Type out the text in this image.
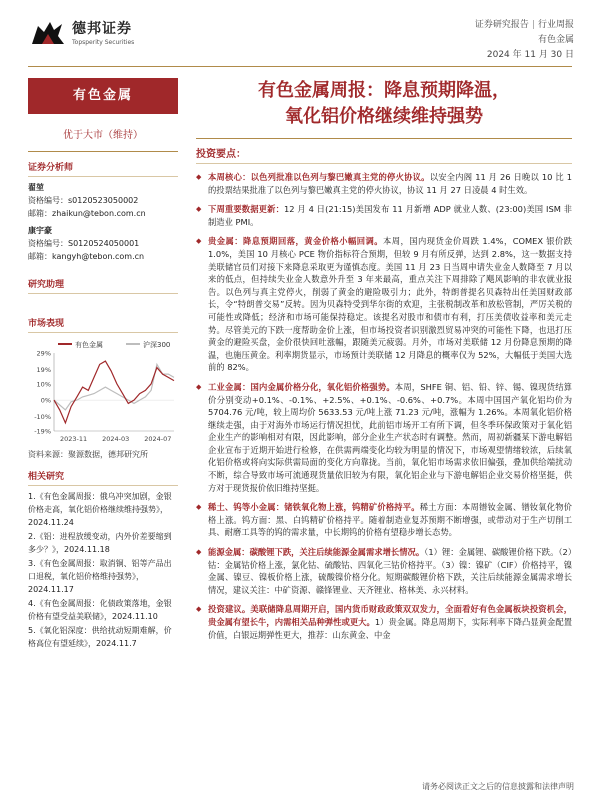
德邦证券
Topsperity Securities
证券研究报告 | 行业周报
有色金属
2024 年 11 月 30 日
有色金属
优于大市（维持）
证券分析师
翟堃
资格编号：s0120523050002
邮箱：zhaikun@tebon.com.cn
康宇豪
资格编号：S0120524050001
邮箱：kangyh@tebon.com.cn
研究助理
市场表现
有色金属	沪深300
29%
19%
10%
0%
-10%
-19%
2023-11 2024-03 2024-07
资料来源：聚源数据，德邦研究所
相关研究
1.《有色金属周报：俄乌冲突加剧，金银价格走高，氧化铝价格继续维持强势》，2024.11.24
2.《铝：进程放缓变动，内外价差要缩到多少？》，2024.11.18
3.《有色金属周报：取消铜、铝等产品出口退税，氧化铝价格维持强势》，2024.11.17
4.《有色金属周报：化债政策落地，金银价格有望受益美联储》，2024.11.10
5.《氧化铝深度：供给扰动短期难解，价格高位有望延续》，2024.11.7
有色金属周报：降息预期降温，
氧化铝价格继续维持强势
投资要点：
◆ 本周核心：以色列批准以色列与黎巴嫩真主党的停火协议。以安全内阁 11 月 26 日晚以 10 比 1 的投票结果批准了以色列与黎巴嫩真主党的停火协议，协议 11 月 27 日凌晨 4 时生效。
◆ 下周重要数据更新：12 月 4 日(21:15)美国发布 11 月新增 ADP 就业人数、(23:00)美国 ISM 非制造业 PMI。
◆ 贵金属：降息预期回落，黄金价格小幅回调。本周，国内现货金价周跌 1.4%，COMEX 银价跌 1.0%，美国 10 月核心 PCE 物价指标符合预期，但较 9 月有所反弹，达到 2.8%，这一数据支持美联储官员们对接下来降息采取更为谨慎态度。美国 11 月 23 日当周申请失业金人数降至 7 月以来的低点，但持续失业金人数意外升至 3 年来最高，重点关注下周排除了飓风影响的非农就业报告。以色列与真主党停火，削弱了黄金的避险吸引力；此外，特朗普提名贝森特出任美国财政部长，令“特朗普交易”反转。因为贝森特受到华尔街的欢迎，主张税制改革和放松管制，严厉关税的可能性或降低；经济和市场可能保持稳定。该提名对股市和债市有利，打压美债收益率和美元走势。尽管美元的下跌一度帮助金价上涨，但市场投资者识别激烈贸易冲突的可能性下降，也迅打压黄金的避险买盘，金价很快回吐涨幅，跟随美元疲弱。月外，市场对美联储 12 月份降息预期的降温，也施压黄金。利率期货显示，市场预计美联储 12 月降息的概率仅为 52%，大幅低于美国大选前的 82%。
◆ 工业金属：国内金属价格分化，氧化铝价格强势。本周，SHFE 铜、铝、铅、锌、锡、镍现货结算价分别变动+0.1%、-0.1%、+2.5%、+0.1%、-0.6%、+0.7%。本周中国国产氧化铝均价为 5704.76 元/吨，较上周均价 5633.53 元/吨上涨 71.23 元/吨，涨幅为 1.26%。本周氧化铝价格继续走强，由于对海外市场运行情况担忧，此前铝市场开工有所下调，但冬季环保政策对于氧化铝企业生产的影响相对有限，因此影响，部分企业生产状态时有调整。然而，周初新疆某下游电解铝企业宣布于近期开始进行检修，在供需两端变化均较为明显的情况下，市场观望情绪较浓，后续氧化铝价格或将向实际供需局面的变化方向靠拢。当前，氧化铝市场需求依旧偏强，叠加供给端扰动不断，综合导致市场可流通现货量依旧较为有限，氧化铝企业与下游电解铝企业交易价格坚挺，供方对于现货报价依旧维持坚挺。
◆ 稀土、钨等小金属：锗铁氧化物上涨，钨精矿价格持平。稀土方面：本周镨钕金属、镨钕氧化物价格上涨。钨方面：黑、白钨精矿价格持平。随着制造业复苏预期不断增强，或带动对于生产切削工具、耐磨工具等的钨的需求量，中长期钨的价格有望稳步增长态势。
◆ 能源金属：碳酸锂下跌，关注后续能源金属需求增长情况。（1）锂：金属锂、碳酸锂价格下跌。（2）钴：金属钴价格上涨，氯化钴、硫酸钴、四氧化三钴价格持平。（3）镍：镍矿（CIF）价格持平，镍金属、镍豆、镍板价格上涨，硫酸镍价格分化。短期碳酸锂价格下跌，关注后续能源金属需求增长情况，建议关注：中矿资源、赣锋锂业、天齐锂业、格林美、永兴材料。
◆ 投资建议。美联储降息周期开启，国内货币财政政策双双发力，全面看好有色金属板块投资机会，贵金属有望长牛，内需相关品种弹性或更大。1）贵金属。降息周期下，实际利率下降凸显黄金配置价值，白银远期弹性更大，推荐：山东黄金、中金
请务必阅读正文之后的信息披露和法律声明
